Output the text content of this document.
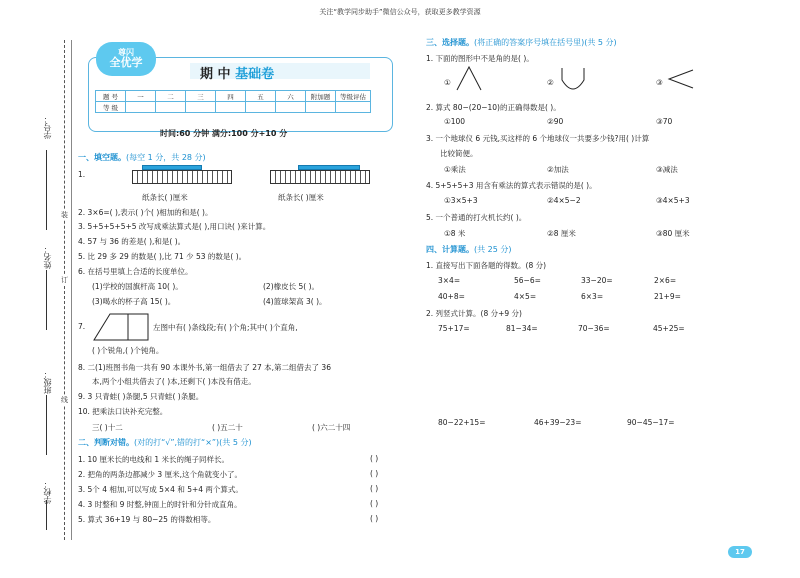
关注“教学同步助手”微信公众号，获取更多教学资源
学号：
姓名：
班级：
学校：
装
订
线
尊闪
全优学
期 中 基础卷
题 号	一	二	三	四	五	六	附加题	等级评估
等 级								
时间:60 分钟 满分:100 分+10 分
一、填空题。(每空 1 分，共 28 分)
1.
纸条长( )厘米	纸条长( )厘米
2. 3×6=( ),表示( )个( )相加的和是( )。
3. 5+5+5+5+5 改写成乘法算式是( ),用口诀( )来计算。
4. 57 与 36 的差是( ),和是( )。
5. 比 29 多 29 的数是( ),比 71 少 53 的数是( )。
6. 在括号里填上合适的长度单位。
(1)学校的国旗杆高 10( )。	(2)橡皮长 5( )。
(3)喝水的杯子高 15( )。	(4)篮球架高 3( )。
7.	左图中有( )条线段;有( )个角;其中( )个直角,
( )个锐角,( )个钝角。
8. 二(1)班图书角一共有 90 本课外书,第一组借去了 27 本,第二组借去了 36
本,两个小组共借去了( )本,还剩下( )本没有借走。
9. 3 只青蛙( )条腿,5 只青蛙( )条腿。
10. 把乘法口诀补充完整。
三( )十二	( )五二十	( )六二十四
二、判断对错。(对的打“√”,错的打“×”)(共 5 分)
1. 10 厘米长的电线和 1 米长的绳子同样长。
2. 把角的两条边都减少 3 厘米,这个角就变小了。
3. 5个 4 相加,可以写成 5×4 和 5+4 两个算式。
4. 3 时整和 9 时整,钟面上的时针和分针成直角。
5. 算式 36+19 与 80−25 的得数相等。
( )
( )
( )
( )
( )
三、选择题。(将正确的答案序号填在括号里)(共 5 分)
1. 下面的图形中不是角的是( )。
①	②	③
2. 算式 80−(20−10)的正确得数是( )。
①100	②90	③70
3. 一个地球仪 6 元钱,买这样的 6 个地球仪一共要多少钱?用( )计算
比较简便。
①乘法	②加法	③减法
4. 5+5+5+3 用含有乘法的算式表示错误的是( )。
①3×5+3	②4×5−2	③4×5+3
5. 一个普通的打火机长约( )。
①8 米	②8 厘米	③80 厘米
四、计算题。(共 25 分)
1. 直接写出下面各题的得数。(8 分)
3×4=	56−6=	33−20=	2×6=
40+8=	4×5=	6×3=	21+9=
2. 列竖式计算。(8 分+9 分)
75+17=	81−34=	70−36=	45+25=
80−22+15=	46+39−23=	90−45−17=
17
